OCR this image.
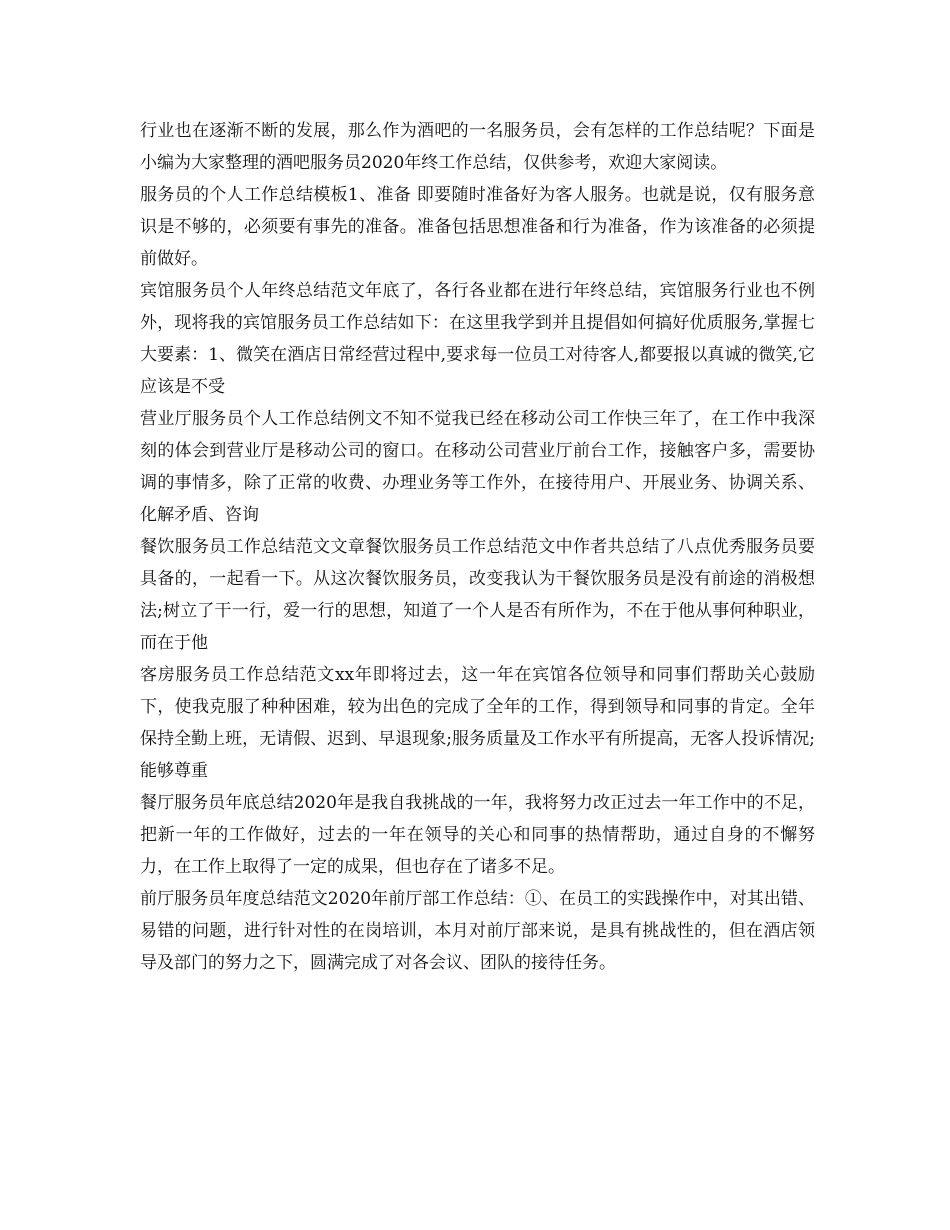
行业也在逐渐不断的发展，那么作为酒吧的一名服务员，会有怎样的工作总结呢？下面是小编为大家整理的酒吧服务员2020年终工作总结，仅供参考，欢迎大家阅读。

服务员的个人工作总结模板1、准备 即要随时准备好为客人服务。也就是说，仅有服务意识是不够的，必须要有事先的准备。准备包括思想准备和行为准备，作为该准备的必须提前做好。

宾馆服务员个人年终总结范文年底了，各行各业都在进行年终总结，宾馆服务行业也不例外，现将我的宾馆服务员工作总结如下：在这里我学到并且提倡如何搞好优质服务,掌握七大要素：1、微笑在酒店日常经营过程中,要求每一位员工对待客人,都要报以真诚的微笑,它应该是不受

营业厅服务员个人工作总结例文不知不觉我已经在移动公司工作快三年了，在工作中我深刻的体会到营业厅是移动公司的窗口。在移动公司营业厅前台工作，接触客户多，需要协调的事情多，除了正常的收费、办理业务等工作外，在接待用户、开展业务、协调关系、化解矛盾、咨询

餐饮服务员工作总结范文文章餐饮服务员工作总结范文中作者共总结了八点优秀服务员要具备的，一起看一下。从这次餐饮服务员，改变我认为干餐饮服务员是没有前途的消极想法;树立了干一行，爱一行的思想，知道了一个人是否有所作为，不在于他从事何种职业，而在于他

客房服务员工作总结范文xx年即将过去，这一年在宾馆各位领导和同事们帮助关心鼓励下，使我克服了种种困难，较为出色的完成了全年的工作，得到领导和同事的肯定。全年保持全勤上班，无请假、迟到、早退现象;服务质量及工作水平有所提高，无客人投诉情况;能够尊重

餐厅服务员年底总结2020年是我自我挑战的一年，我将努力改正过去一年工作中的不足，把新一年的工作做好，过去的一年在领导的关心和同事的热情帮助，通过自身的不懈努力，在工作上取得了一定的成果，但也存在了诸多不足。

前厅服务员年度总结范文2020年前厅部工作总结：①、在员工的实践操作中，对其出错、易错的问题，进行针对性的在岗培训，本月对前厅部来说，是具有挑战性的，但在酒店领导及部门的努力之下，圆满完成了对各会议、团队的接待任务。
